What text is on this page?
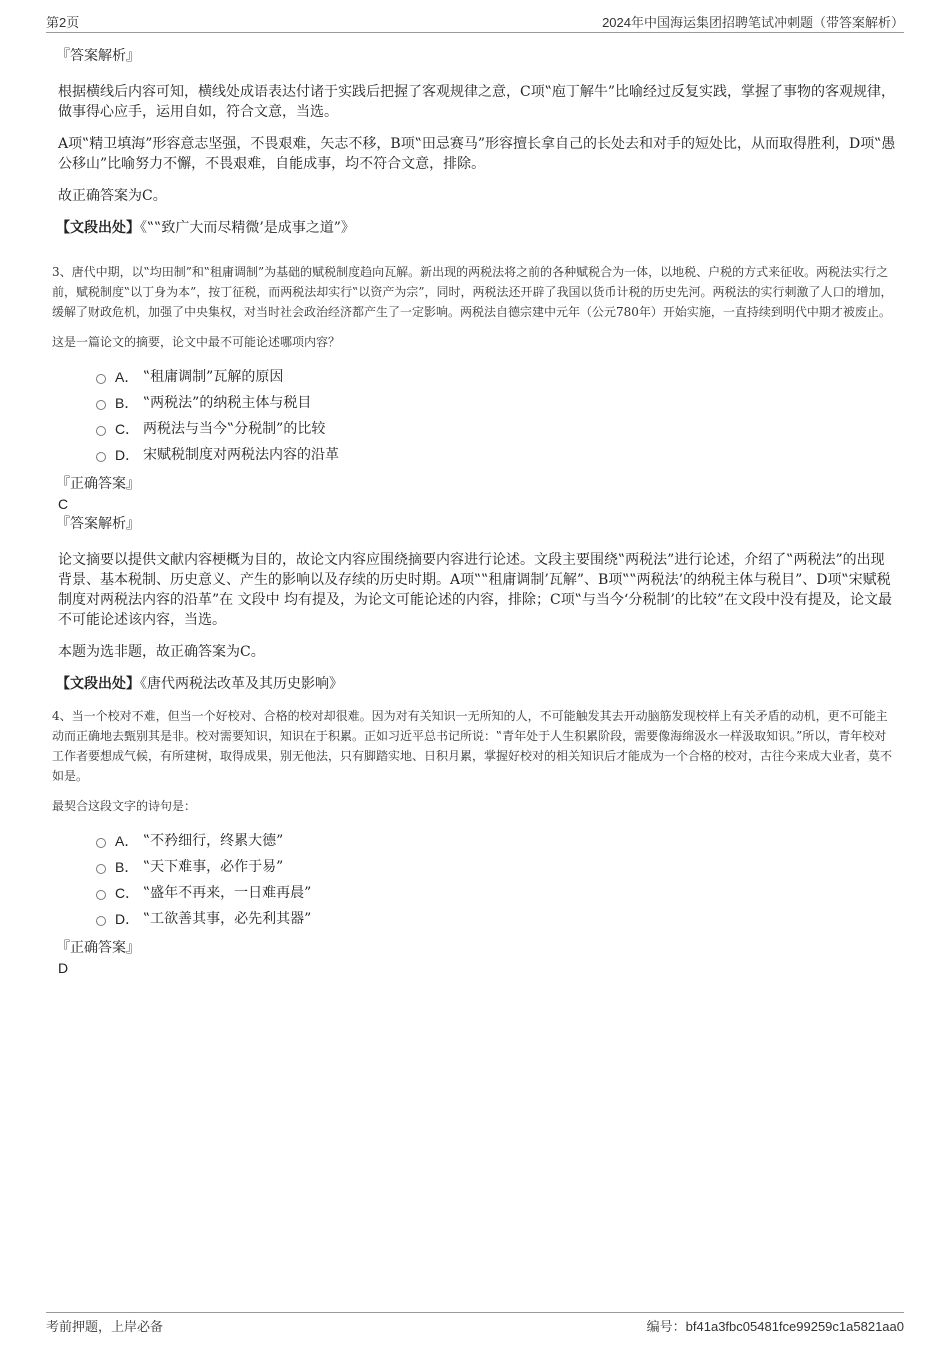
第2页	2024年中国海运集团招聘笔试冲刺题（带答案解析）

『答案解析』

根据横线后内容可知，横线处成语表达付诸于实践后把握了客观规律之意，C项‟庖丁解牛”比喻经过反复实践，掌握了事物的客观规律，做事得心应手，运用自如，符合文意，当选。

A项‟精卫填海”形容意志坚强，不畏艰难，矢志不移，B项‟田忌赛马”形容擅长拿自己的长处去和对手的短处比，从而取得胜利，D项‟愚公移山”比喻努力不懈，不畏艰难，自能成事，均不符合文意，排除。

故正确答案为C。

【文段出处】《‟‟致广大而尽精微’是成事之道”》

3、唐代中期，以‟均田制”和‟租庸调制”为基础的赋税制度趋向瓦解。新出现的两税法将之前的各种赋税合为一体，以地税、户税的方式来征收。两税法实行之前，赋税制度‟以丁身为本”，按丁征税，而两税法却实行‟以资产为宗”，同时，两税法还开辟了我国以货币计税的历史先河。两税法的实行刺激了人口的增加，缓解了财政危机，加强了中央集权，对当时社会政治经济都产生了一定影响。两税法自德宗建中元年（公元780年）开始实施，一直持续到明代中期才被废止。

这是一篇论文的摘要，论文中最不可能论述哪项内容？

A． ‟租庸调制”瓦解的原因
B． ‟两税法”的纳税主体与税目
C． 两税法与当今‟分税制”的比较
D． 宋赋税制度对两税法内容的沿革

『正确答案』

C

『答案解析』

论文摘要以提供文献内容梗概为目的，故论文内容应围绕摘要内容进行论述。文段主要围绕‟两税法”进行论述，介绍了‟两税法”的出现背景、基本税制、历史意义、产生的影响以及存续的历史时期。A项‟‟租庸调制’瓦解”、B项‟‟两税法’的纳税主体与税目”、D项‟宋赋税制度对两税法内容的沿革”在 文段中 均有提及，为论文可能论述的内容，排除；C项‟与当今‘分税制’的比较”在文段中没有提及，论文最不可能论述该内容，当选。

本题为选非题，故正确答案为C。

【文段出处】《唐代两税法改革及其历史影响》

4、当一个校对不难，但当一个好校对、合格的校对却很难。因为对有关知识一无所知的人，不可能触发其去开动脑筋发现校样上有关矛盾的动机，更不可能主动而正确地去甄别其是非。校对需要知识，知识在于积累。正如习近平总书记所说：‟青年处于人生积累阶段，需要像海绵汲水一样汲取知识。”所以，青年校对工作者要想成气候，有所建树，取得成果，别无他法，只有脚踏实地、日积月累，掌握好校对的相关知识后才能成为一个合格的校对，古往今来成大业者，莫不如是。

最契合这段文字的诗句是：

A． ‟不矜细行，终累大德”
B． ‟天下难事，必作于易”
C． ‟盛年不再来，一日难再晨”
D． ‟工欲善其事，必先利其器”

『正确答案』

D

考前押题，上岸必备	编号：bf41a3fbc05481fce99259c1a5821aa0
